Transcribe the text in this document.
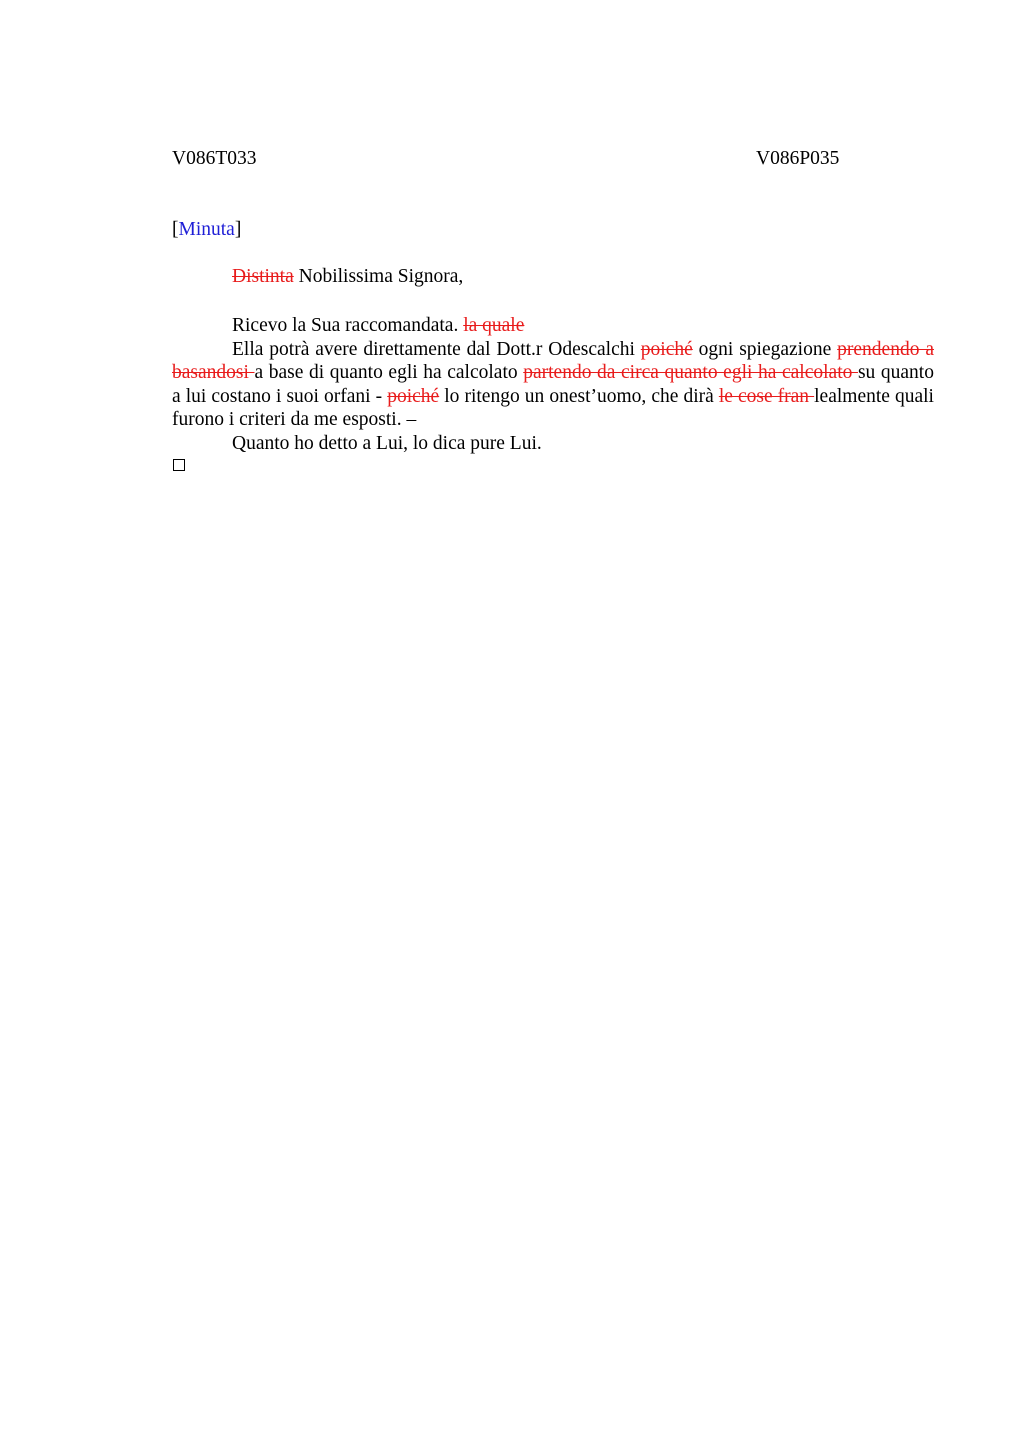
V086T033	V086P035
[Minuta]
Distinta Nobilissima Signora,

Ricevo la Sua raccomandata. la quale

Ella potrà avere direttamente dal Dott.r Odescalchi poiché ogni spiegazione prendendo a basandosi a base di quanto egli ha calcolato partendo da circa quanto egli ha calcolato su quanto a lui costano i suoi orfani - poiché lo ritengo un onest’uomo, che dirà le cose fran lealmente quali furono i criteri da me esposti. –

Quanto ho detto a Lui, lo dica pure Lui.
